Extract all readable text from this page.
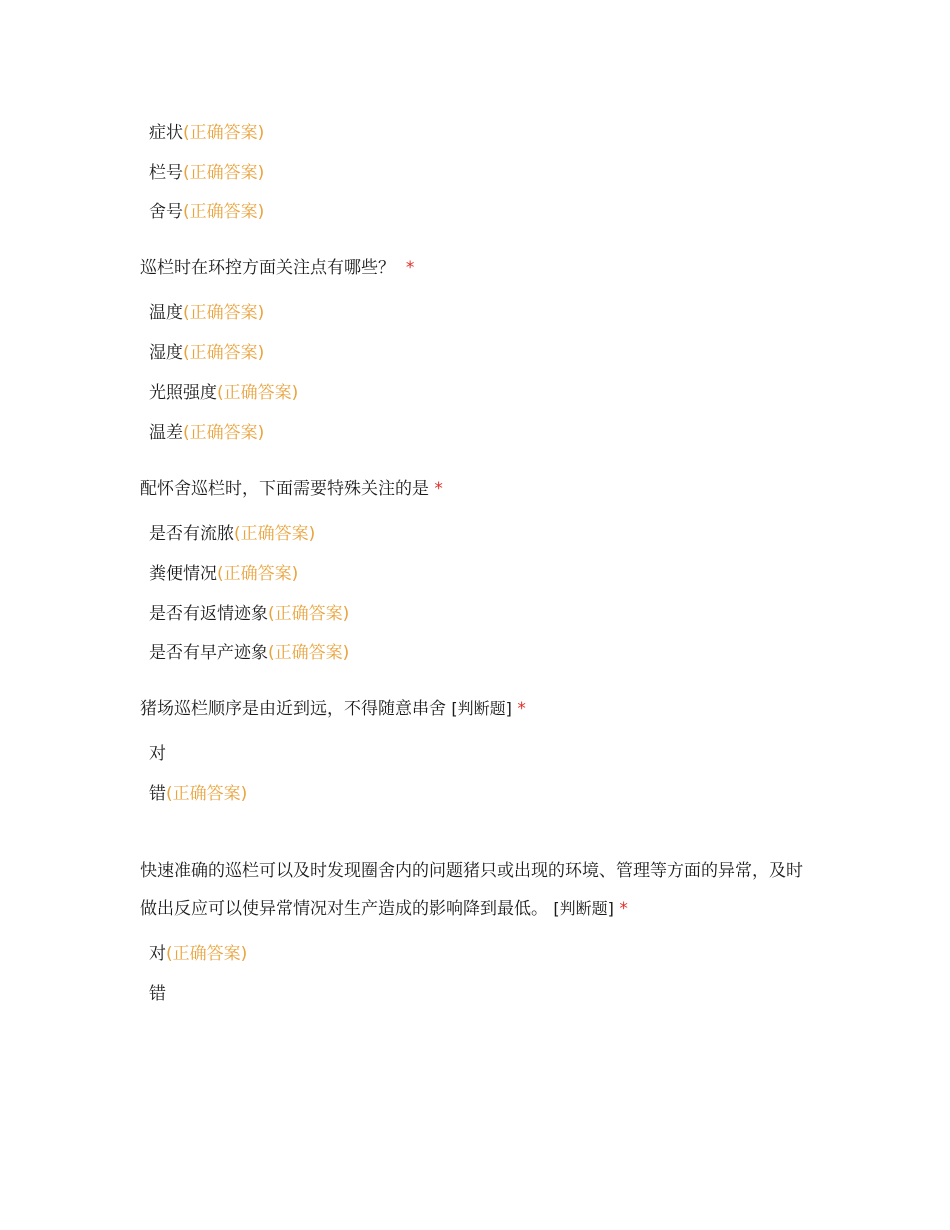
症状(正确答案)
栏号(正确答案)
舍号(正确答案)
巡栏时在环控方面关注点有哪些？ *
温度(正确答案)
湿度(正确答案)
光照强度(正确答案)
温差(正确答案)
配怀舍巡栏时，下面需要特殊关注的是 *
是否有流脓(正确答案)
粪便情况(正确答案)
是否有返情迹象(正确答案)
是否有早产迹象(正确答案)
猪场巡栏顺序是由近到远，不得随意串舍 [判断题] *
对
错(正确答案)
快速准确的巡栏可以及时发现圈舍内的问题猪只或出现的环境、管理等方面的异常，及时做出反应可以使异常情况对生产造成的影响降到最低。 [判断题] *
对(正确答案)
错
